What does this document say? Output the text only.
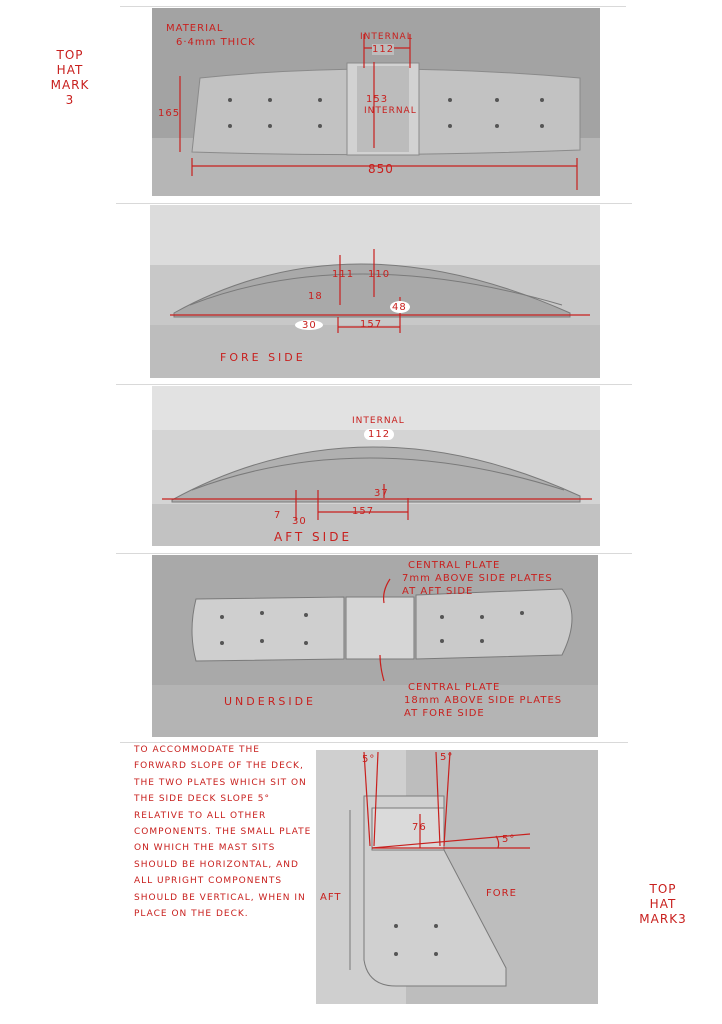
TOP
HAT
MARK 3
TOP
HAT
MARK3
MATERIAL
6·4mm THICK	INTERNAL
112
153
INTERNAL
165
850
111 110
18
48
30	157
FORE SIDE
INTERNAL
112
37
7
30
157
AFT SIDE
CENTRAL PLATE
7mm ABOVE SIDE PLATES
AT AFT SIDE
UNDERSIDE
CENTRAL PLATE
18mm ABOVE SIDE PLATES
AT FORE SIDE
TO ACCOMMODATE THE FORWARD SLOPE OF THE DECK, THE TWO PLATES WHICH SIT ON THE SIDE DECK SLOPE 5° RELATIVE TO ALL OTHER COMPONENTS. THE SMALL PLATE ON WHICH THE MAST SITS SHOULD BE HORIZONTAL, AND ALL UPRIGHT COMPONENTS SHOULD BE VERTICAL, WHEN IN PLACE ON THE DECK.
5°	5°
5°
76
AFT	FORE
